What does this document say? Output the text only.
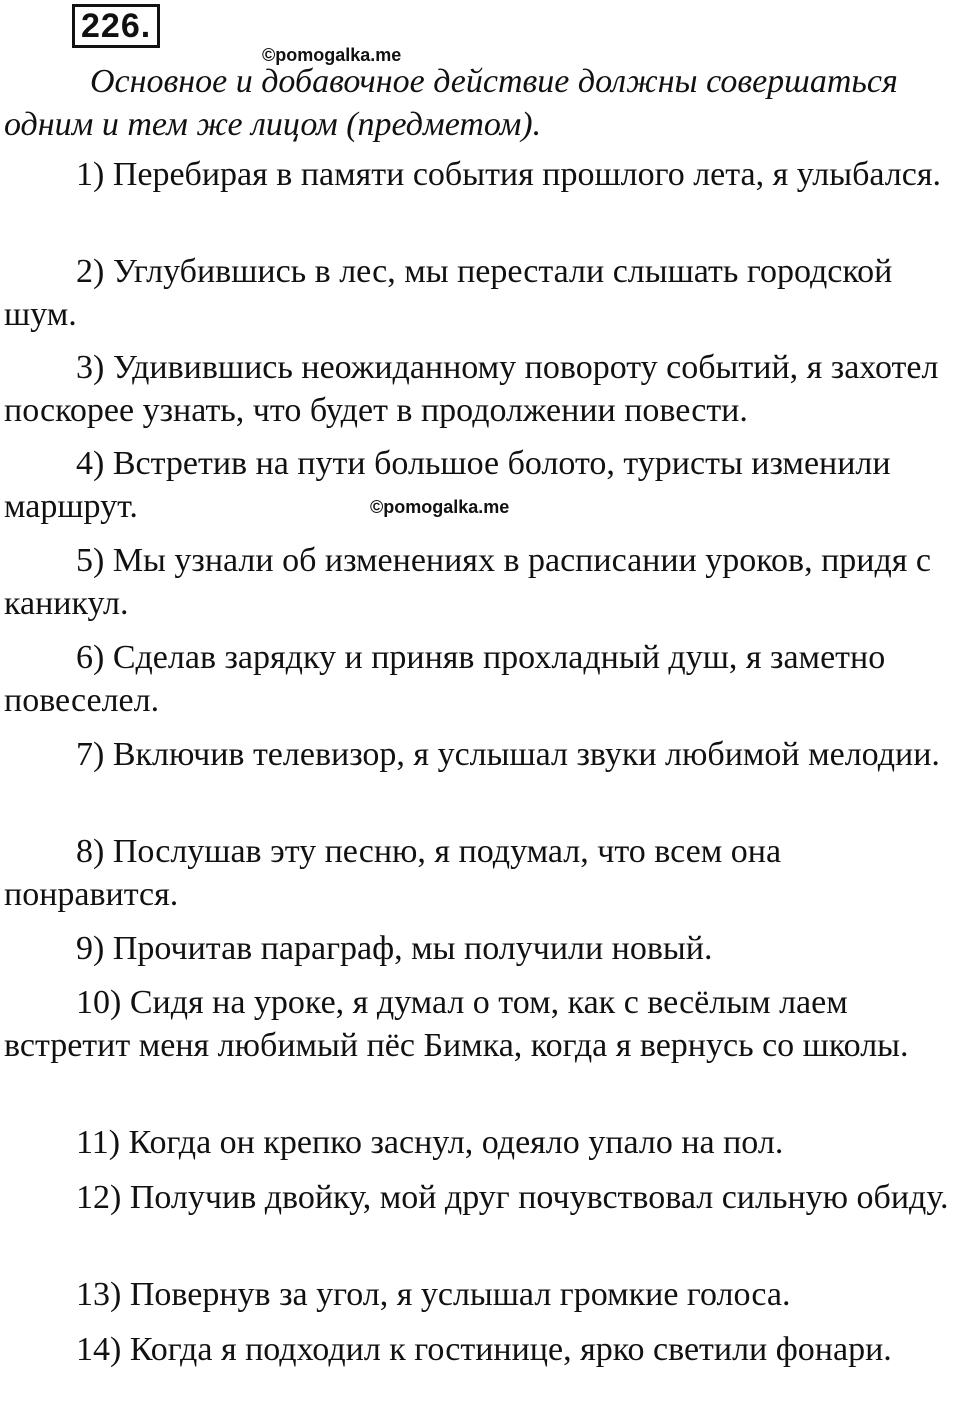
226.
©pomogalka.me

Основное и добавочное действие должны совершаться одним и тем же лицом (предметом).

1) Перебирая в памяти события прошлого лета, я улыбался.

2) Углубившись в лес, мы перестали слышать городской шум.

3) Удивившись неожиданному повороту событий, я захотел поскорее узнать, что будет в продолжении повести.

4) Встретив на пути большое болото, туристы изменили маршрут.	©pomogalka.me

5) Мы узнали об изменениях в расписании уроков, придя с каникул.

6) Сделав зарядку и приняв прохладный душ, я заметно повеселел.

7) Включив телевизор, я услышал звуки любимой мелодии.

8) Послушав эту песню, я подумал, что всем она понравится.

9) Прочитав параграф, мы получили новый.

10) Сидя на уроке, я думал о том, как с весёлым лаем встретит меня любимый пёс Бимка, когда я вернусь со школы.

11) Когда он крепко заснул, одеяло упало на пол.

12) Получив двойку, мой друг почувствовал сильную обиду.

13) Повернув за угол, я услышал громкие голоса.

14) Когда я подходил к гостинице, ярко светили фонари.
